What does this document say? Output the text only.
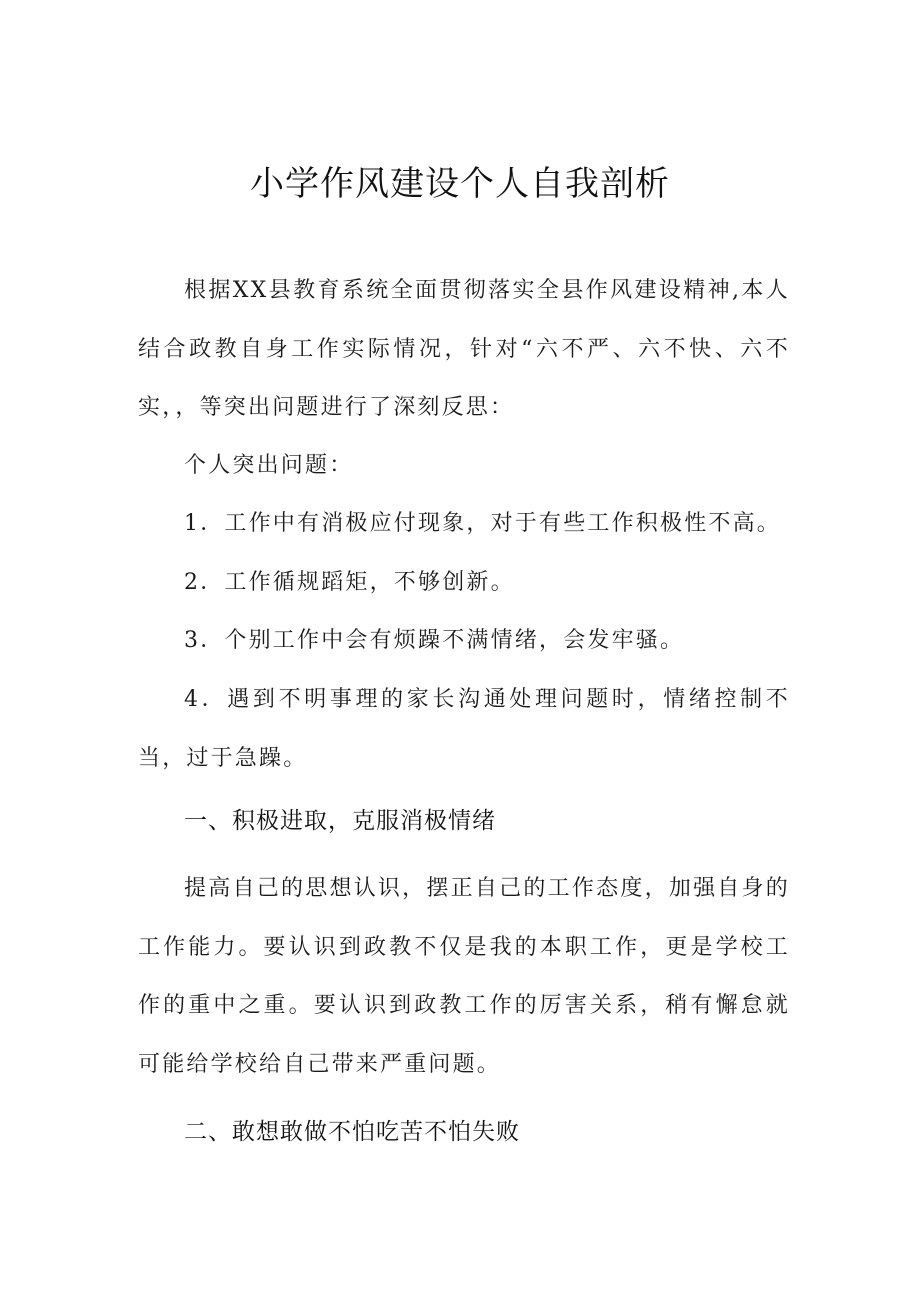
小学作风建设个人自我剖析

根据XX县教育系统全面贯彻落实全县作风建设精神,本人结合政教自身工作实际情况，针对“六不严、六不快、六不实，，等突出问题进行了深刻反思：

个人突出问题：

1．工作中有消极应付现象，对于有些工作积极性不高。

2．工作循规蹈矩，不够创新。

3．个别工作中会有烦躁不满情绪，会发牢骚。

4．遇到不明事理的家长沟通处理问题时，情绪控制不当，过于急躁。

一、积极进取，克服消极情绪

提高自己的思想认识，摆正自己的工作态度，加强自身的工作能力。要认识到政教不仅是我的本职工作，更是学校工作的重中之重。要认识到政教工作的厉害关系，稍有懈怠就可能给学校给自己带来严重问题。

二、敢想敢做不怕吃苦不怕失败
